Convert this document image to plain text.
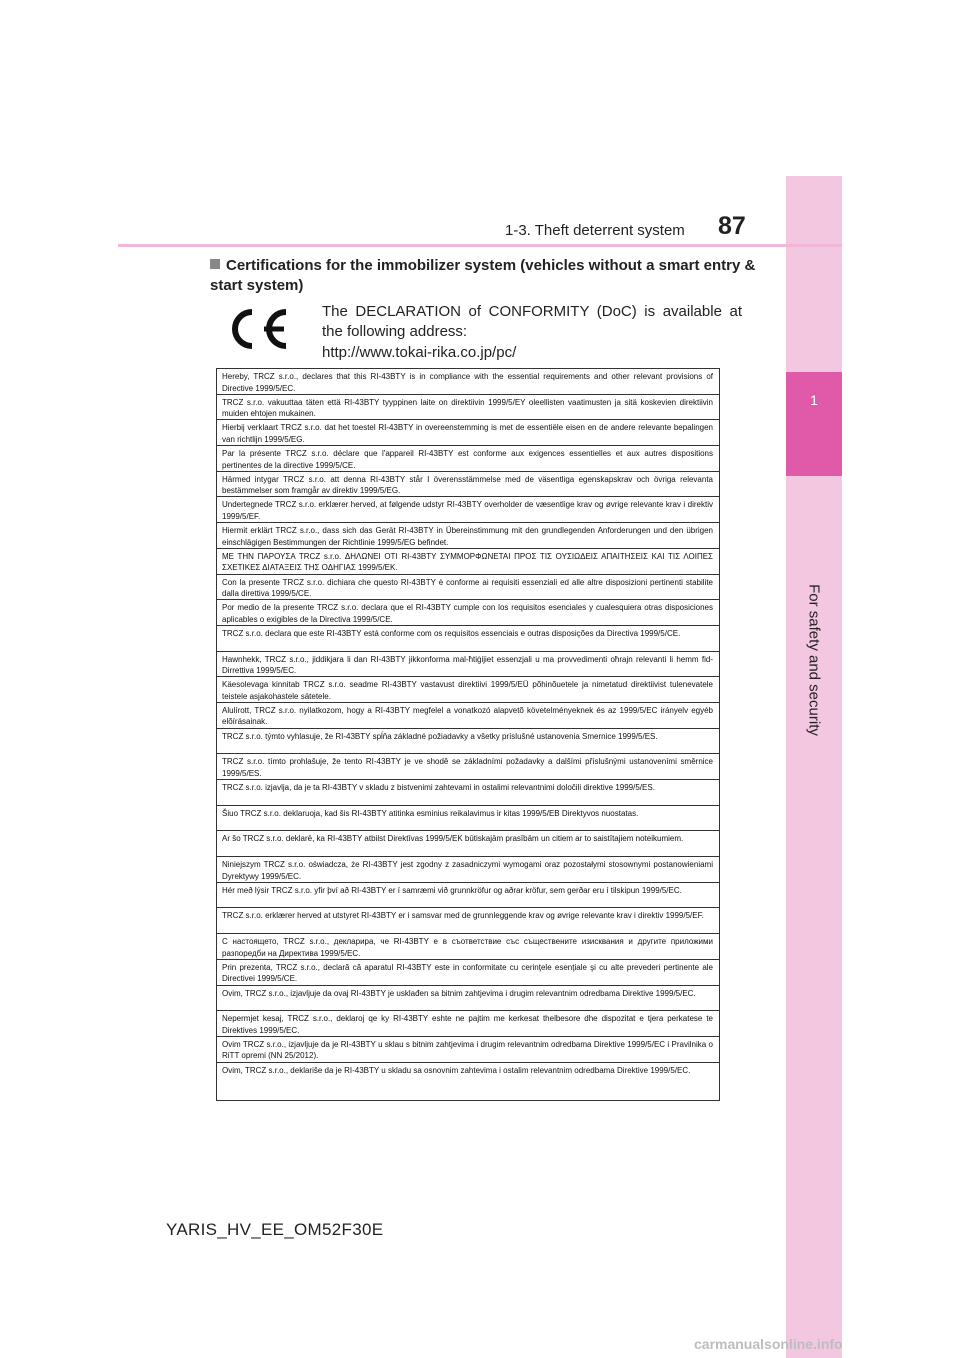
1
For safety and security
1-3. Theft deterrent system 87
Certifications for the immobilizer system (vehicles without a smart entry & start system)
The DECLARATION of CONFORMITY (DoC) is available at the following address:
http://www.tokai-rika.co.jp/pc/
Hereby, TRCZ s.r.o., declares that this RI-43BTY is in compliance with the essential requirements and other relevant provisions of Directive 1999/5/EC.
TRCZ s.r.o. vakuuttaa täten että RI-43BTY tyyppinen laite on direktiivin 1999/5/EY oleellisten vaatimusten ja sitä koskevien direktiivin muiden ehtojen mukainen.
Hierbij verklaart TRCZ s.r.o. dat het toestel RI-43BTY in overeenstemming is met de essentiële eisen en de andere relevante bepalingen van richtlijn 1999/5/EG.
Par la présente TRCZ s.r.o. déclare que l'appareil RI-43BTY est conforme aux exigences essentielles et aux autres dispositions pertinentes de la directive 1999/5/CE.
Härmed intygar TRCZ s.r.o. att denna RI-43BTY står I överensstämmelse med de väsentliga egenskapskrav och övriga relevanta bestämmelser som framgår av direktiv 1999/5/EG.
Undertegnede TRCZ s.r.o. erklærer herved, at følgende udstyr RI-43BTY overholder de væsentlige krav og øvrige relevante krav i direktiv 1999/5/EF.
Hiermit erklärt TRCZ s.r.o., dass sich das Gerät RI-43BTY in Übereinstimmung mit den grundlegenden Anforderungen und den übrigen einschlägigen Bestimmungen der Richtlinie 1999/5/EG befindet.
ΜΕ ΤΗΝ ΠΑΡΟΥΣΑ TRCZ s.r.o. ΔΗΛΩΝΕΙ ΟΤΙ RI-43BTY ΣΥΜΜΟΡΦΩΝΕΤΑΙ ΠΡΟΣ ΤΙΣ ΟΥΣΙΩΔΕΙΣ ΑΠΑΙΤΗΣΕΙΣ ΚΑΙ ΤΙΣ ΛΟΙΠΕΣ ΣΧΕΤΙΚΕΣ ΔΙΑΤΑΞΕΙΣ ΤΗΣ ΟΔΗΓΙΑΣ 1999/5/ΕΚ.
Con la presente TRCZ s.r.o. dichiara che questo RI-43BTY è conforme ai requisiti essenziali ed alle altre disposizioni pertinenti stabilite dalla direttiva 1999/5/CE.
Por medio de la presente TRCZ s.r.o. declara que el RI-43BTY cumple con los requisitos esenciales y cualesquiera otras disposiciones aplicables o exigibles de la Directiva 1999/5/CE.
TRCZ s.r.o. declara que este RI-43BTY está conforme com os requisitos essenciais e outras disposições da Directiva 1999/5/CE.
Hawnhekk, TRCZ s.r.o., jiddikjara li dan RI-43BTY jikkonforma mal-ħtiġijiet essenzjali u ma provvedimenti oħrajn relevanti li hemm fid-Dirrettiva 1999/5/EC.
Käesolevaga kinnitab TRCZ s.r.o. seadme RI-43BTY vastavust direktiivi 1999/5/EÜ põhinõuetele ja nimetatud direktiivist tulenevatele teistele asjakohastele sätetele.
Alulírott, TRCZ s.r.o. nyilatkozom, hogy a RI-43BTY megfelel a vonatkozó alapvetõ követelményeknek és az 1999/5/EC irányelv egyéb elõírásainak.
TRCZ s.r.o. týmto vyhlasuje, že RI-43BTY spĺňa základné požiadavky a všetky príslušné ustanovenia Smernice 1999/5/ES.
TRCZ s.r.o. tímto prohlašuje, že tento RI-43BTY je ve shodě se základními požadavky a dalšími příslušnými ustanoveními směrnice 1999/5/ES.
TRCZ s.r.o. izjavlja, da je ta RI-43BTY v skladu z bistvenimi zahtevami in ostalimi relevantnimi določili direktive 1999/5/ES.
Šiuo TRCZ s.r.o. deklaruoja, kad šis RI-43BTY atitinka esminius reikalavimus ir kitas 1999/5/EB Direktyvos nuostatas.
Ar šo TRCZ s.r.o. deklarē, ka RI-43BTY atbilst Direktīvas 1999/5/EK būtiskajām prasībām un citiem ar to saistītajiem noteikumiem.
Niniejszym TRCZ s.r.o. oświadcza, że RI-43BTY jest zgodny z zasadniczymi wymogami oraz pozostałymi stosownymi postanowieniami Dyrektywy 1999/5/EC.
Hér með lýsir TRCZ s.r.o. yfir því að RI-43BTY er í samræmi við grunnkröfur og aðrar kröfur, sem gerðar eru í tilskipun 1999/5/EC.
TRCZ s.r.o. erklærer herved at utstyret RI-43BTY er i samsvar med de grunnleggende krav og øvrige relevante krav i direktiv 1999/5/EF.
С настоящето, TRCZ s.r.o., декларира, че RI-43BTY е в съответствие със съществените изисквания и другите приложими разпоредби на Директива 1999/5/ЕС.
Prin prezenta, TRCZ s.r.o., declară că aparatul RI-43BTY este in conformitate cu cerinţele esenţiale şi cu alte prevederi pertinente ale Directivei 1999/5/CE.
Ovim, TRCZ s.r.o., izjavljuje da ovaj RI-43BTY je usklađen sa bitnim zahtjevima i drugim relevantnim odredbama Direktive 1999/5/EC.
Nepermjet kesaj, TRCZ s.r.o., deklaroj qe ky RI-43BTY eshte ne pajtim me kerkesat thelbesore dhe dispozitat e tjera perkatese te Direktives 1999/5/EC.
Ovim TRCZ s.r.o., izjavljuje da je RI-43BTY u sklau s bitnim zahtjevima i drugim relevantnim odredbama Direktive 1999/5/EC i Pravilnika o RiTT opremi (NN 25/2012).
Ovim, TRCZ s.r.o., deklariše da je RI-43BTY u skladu sa osnovnim zahtevima i ostalim relevantnim odredbama Direktive 1999/5/EC.
YARIS_HV_EE_OM52F30E
carmanualsonline.info
